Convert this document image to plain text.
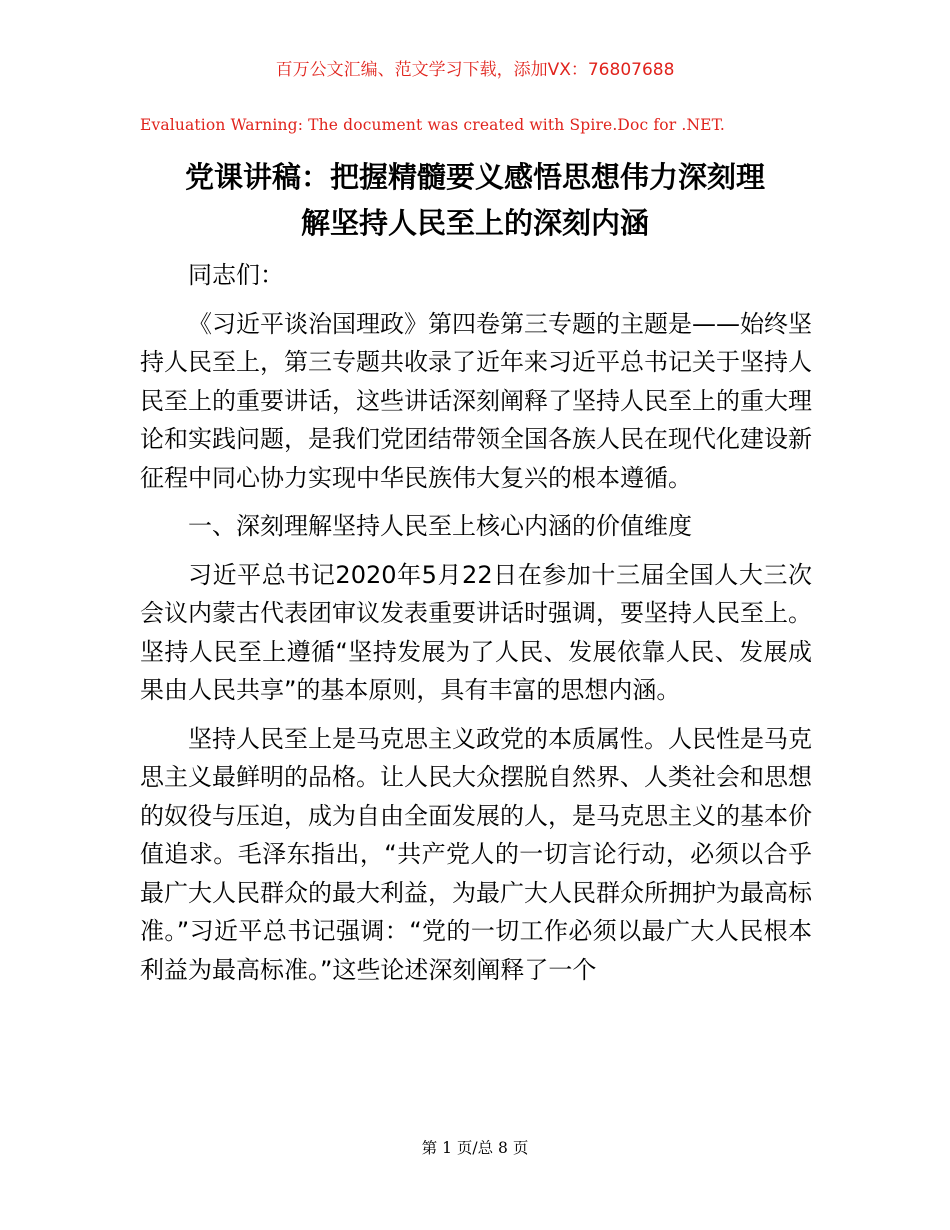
百万公文汇编、范文学习下载，添加VX：76807688
Evaluation Warning: The document was created with Spire.Doc for .NET.
党课讲稿：把握精髓要义感悟思想伟力深刻理
解坚持人民至上的深刻内涵

同志们：

《习近平谈治国理政》第四卷第三专题的主题是——始终坚持人民至上，第三专题共收录了近年来习近平总书记关于坚持人民至上的重要讲话，这些讲话深刻阐释了坚持人民至上的重大理论和实践问题，是我们党团结带领全国各族人民在现代化建设新征程中同心协力实现中华民族伟大复兴的根本遵循。

一、深刻理解坚持人民至上核心内涵的价值维度

习近平总书记2020年5月22日在参加十三届全国人大三次会议内蒙古代表团审议发表重要讲话时强调，要坚持人民至上。坚持人民至上遵循“坚持发展为了人民、发展依靠人民、发展成果由人民共享”的基本原则，具有丰富的思想内涵。

坚持人民至上是马克思主义政党的本质属性。人民性是马克思主义最鲜明的品格。让人民大众摆脱自然界、人类社会和思想的奴役与压迫，成为自由全面发展的人，是马克思主义的基本价值追求。毛泽东指出，“共产党人的一切言论行动，必须以合乎最广大人民群众的最大利益，为最广大人民群众所拥护为最高标准。”习近平总书记强调：“党的一切工作必须以最广大人民根本利益为最高标准。”这些论述深刻阐释了一个

第 1 页/总 8 页
